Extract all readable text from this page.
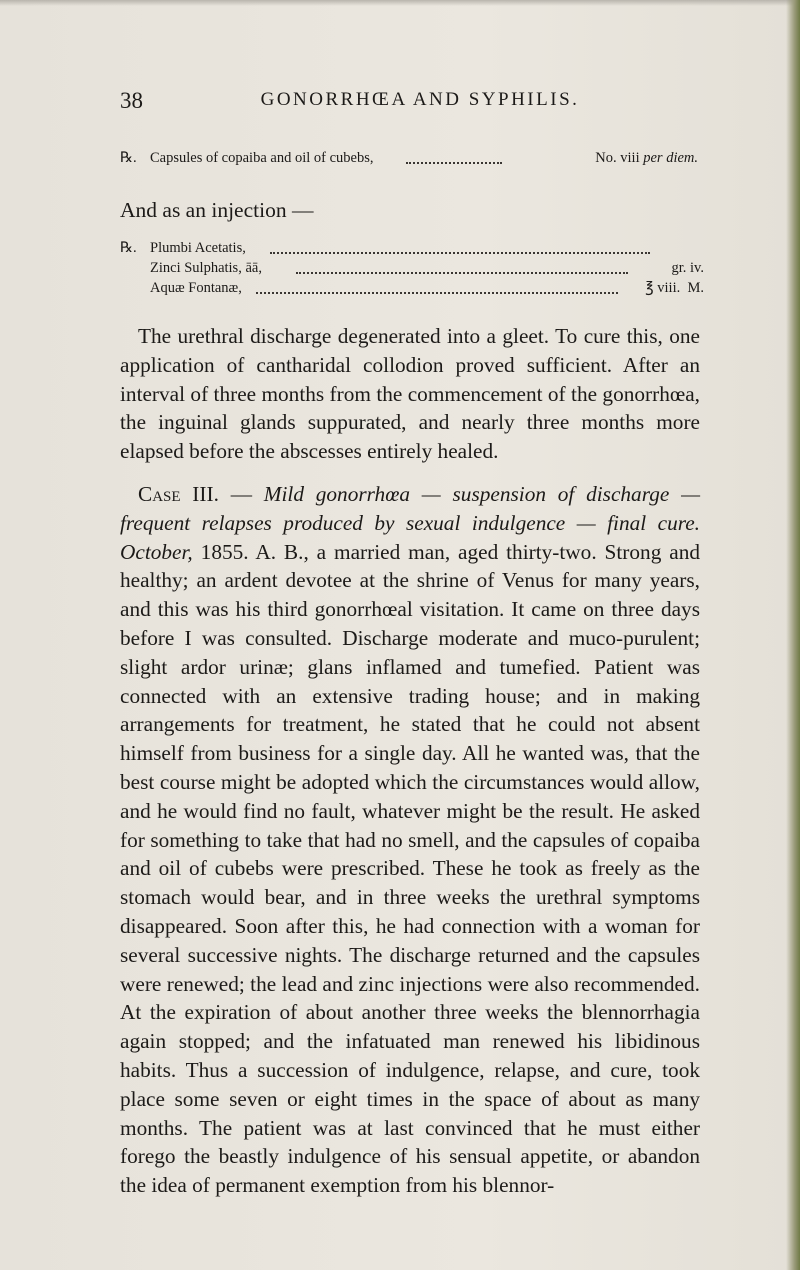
38	GONORRHŒA AND SYPHILIS.
℞. Capsules of copaiba and oil of cubebs,	No. viii per diem.
And as an injection —
℞. Plumbi Acetatis,
Zinci Sulphatis, āā,	gr. iv.
Aquæ Fontanæ,	℥ viii.  M.

The urethral discharge degenerated into a gleet. To cure this, one application of cantharidal collodion proved sufficient. After an interval of three months from the commencement of the gonorrhœa, the inguinal glands suppurated, and nearly three months more elapsed before the abscesses entirely healed.

Case III. — Mild gonorrhœa — suspension of discharge — frequent relapses produced by sexual indulgence — final cure. October, 1855. A. B., a married man, aged thirty-two. Strong and healthy; an ardent devotee at the shrine of Venus for many years, and this was his third gonorrhœal visitation. It came on three days before I was consulted. Discharge moderate and muco-purulent; slight ardor urinæ; glans inflamed and tumefied. Patient was connected with an extensive trading house; and in making arrangements for treatment, he stated that he could not absent himself from business for a single day. All he wanted was, that the best course might be adopted which the circumstances would allow, and he would find no fault, whatever might be the result. He asked for something to take that had no smell, and the capsules of copaiba and oil of cubebs were prescribed. These he took as freely as the stomach would bear, and in three weeks the urethral symptoms disappeared. Soon after this, he had connection with a woman for several successive nights. The discharge returned and the capsules were renewed; the lead and zinc injections were also recommended. At the expiration of about another three weeks the blennorrhagia again stopped; and the infatuated man renewed his libidinous habits. Thus a succession of indulgence, relapse, and cure, took place some seven or eight times in the space of about as many months. The patient was at last convinced that he must either forego the beastly indulgence of his sensual appetite, or abandon the idea of permanent exemption from his blennor-
